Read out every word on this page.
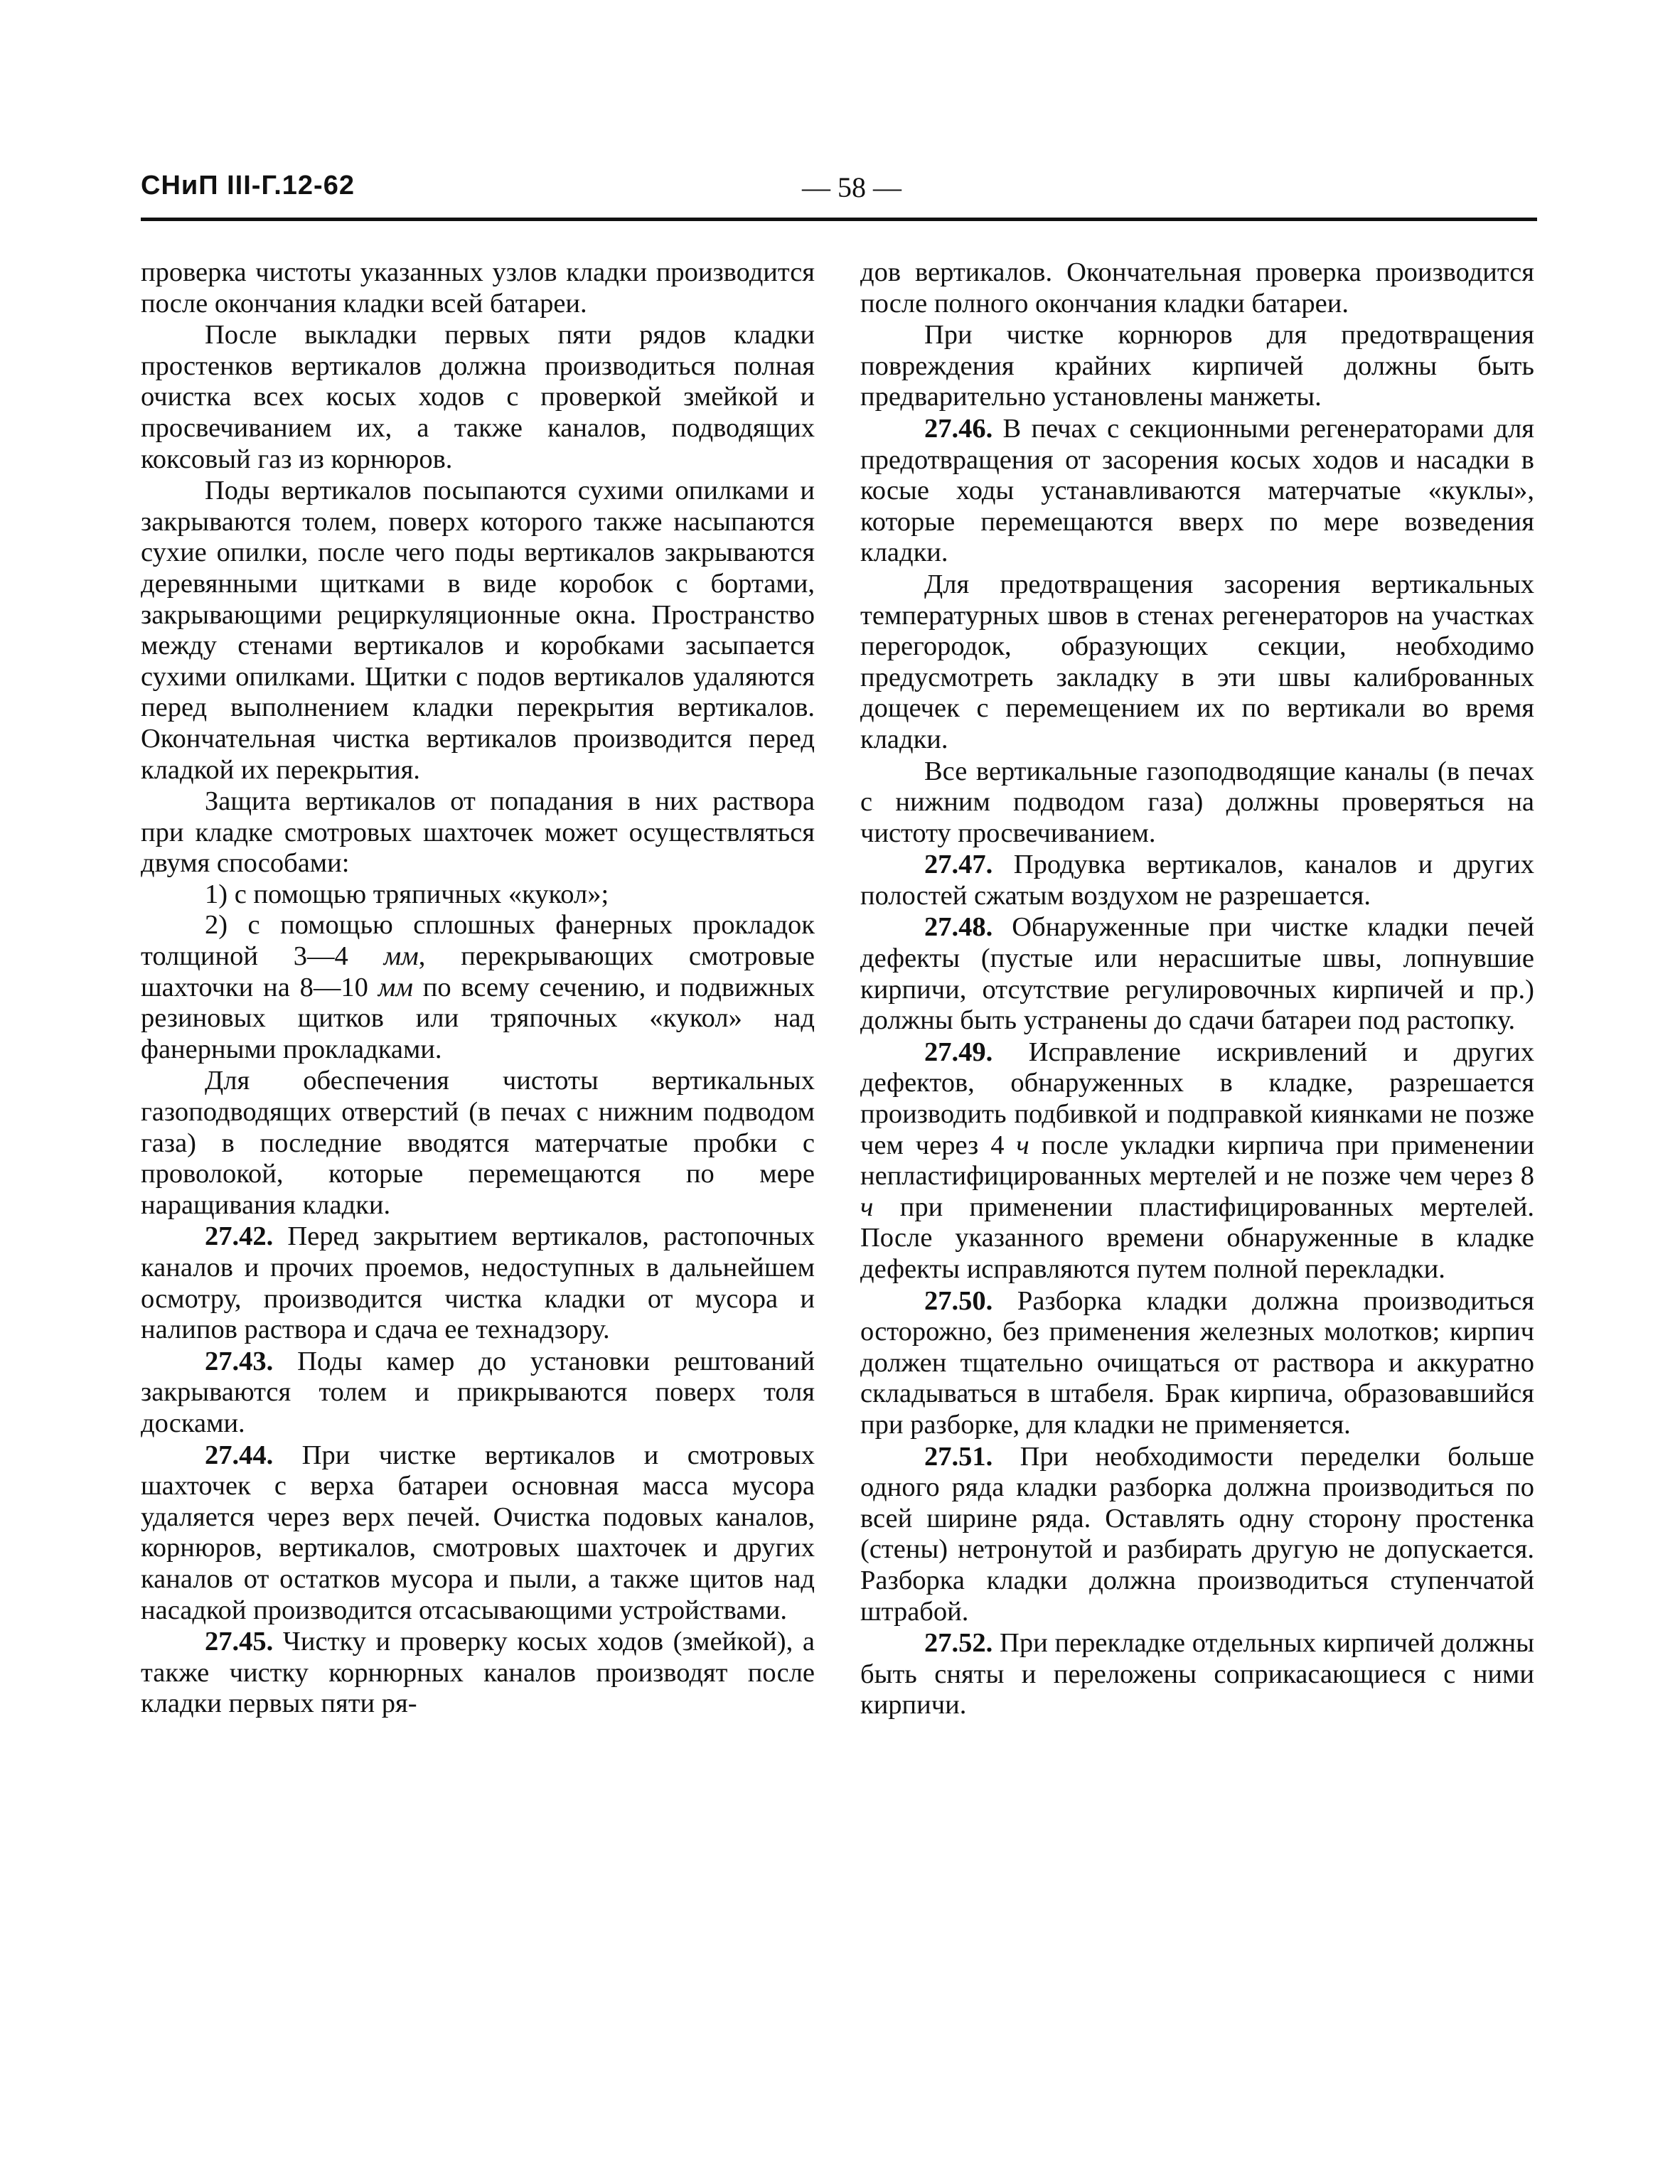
СНиП III-Г.12-62	— 58 —

проверка чистоты указанных узлов кладки производится после окончания кладки всей батареи.

После выкладки первых пяти рядов кладки простенков вертикалов должна производиться полная очистка всех косых ходов с проверкой змейкой и просвечиванием их, а также каналов, подводящих коксовый газ из корнюров.

Поды вертикалов посыпаются сухими опилками и закрываются толем, поверх которого также насыпаются сухие опилки, после чего поды вертикалов закрываются деревянными щитками в виде коробок с бортами, закрывающими рециркуляционные окна. Пространство между стенами вертикалов и коробками засыпается сухими опилками. Щитки с подов вертикалов удаляются перед выполнением кладки перекрытия вертикалов. Окончательная чистка вертикалов производится перед кладкой их перекрытия.

Защита вертикалов от попадания в них раствора при кладке смотровых шахточек может осуществляться двумя способами:

1) с помощью тряпичных «кукол»;

2) с помощью сплошных фанерных прокладок толщиной 3—4 мм, перекрывающих смотровые шахточки на 8—10 мм по всему сечению, и подвижных резиновых щитков или тряпочных «кукол» над фанерными прокладками.

Для обеспечения чистоты вертикальных газоподводящих отверстий (в печах с нижним подводом газа) в последние вводятся матерчатые пробки с проволокой, которые перемещаются по мере наращивания кладки.

27.42. Перед закрытием вертикалов, растопочных каналов и прочих проемов, недоступных в дальнейшем осмотру, производится чистка кладки от мусора и налипов раствора и сдача ее технадзору.

27.43. Поды камер до установки рештований закрываются толем и прикрываются поверх толя досками.

27.44. При чистке вертикалов и смотровых шахточек с верха батареи основная масса мусора удаляется через верх печей. Очистка подовых каналов, корнюров, вертикалов, смотровых шахточек и других каналов от остатков мусора и пыли, а также щитов над насадкой производится отсасывающими устройствами.

27.45. Чистку и проверку косых ходов (змейкой), а также чистку корнюрных каналов производят после кладки первых пяти ря-

дов вертикалов. Окончательная проверка производится после полного окончания кладки батареи.

При чистке корнюров для предотвращения повреждения крайних кирпичей должны быть предварительно установлены манжеты.

27.46. В печах с секционными регенераторами для предотвращения от засорения косых ходов и насадки в косые ходы устанавливаются матерчатые «куклы», которые перемещаются вверх по мере возведения кладки.

Для предотвращения засорения вертикальных температурных швов в стенах регенераторов на участках перегородок, образующих секции, необходимо предусмотреть закладку в эти швы калиброванных дощечек с перемещением их по вертикали во время кладки.

Все вертикальные газоподводящие каналы (в печах с нижним подводом газа) должны проверяться на чистоту просвечиванием.

27.47. Продувка вертикалов, каналов и других полостей сжатым воздухом не разрешается.

27.48. Обнаруженные при чистке кладки печей дефекты (пустые или нерасшитые швы, лопнувшие кирпичи, отсутствие регулировочных кирпичей и пр.) должны быть устранены до сдачи батареи под растопку.

27.49. Исправление искривлений и других дефектов, обнаруженных в кладке, разрешается производить подбивкой и подправкой киянками не позже чем через 4 ч после укладки кирпича при применении непластифицированных мертелей и не позже чем через 8 ч при применении пластифицированных мертелей. После указанного времени обнаруженные в кладке дефекты исправляются путем полной перекладки.

27.50. Разборка кладки должна производиться осторожно, без применения железных молотков; кирпич должен тщательно очищаться от раствора и аккуратно складываться в штабеля. Брак кирпича, образовавшийся при разборке, для кладки не применяется.

27.51. При необходимости переделки больше одного ряда кладки разборка должна производиться по всей ширине ряда. Оставлять одну сторону простенка (стены) нетронутой и разбирать другую не допускается. Разборка кладки должна производиться ступенчатой штрабой.

27.52. При перекладке отдельных кирпичей должны быть сняты и переложены соприкасающиеся с ними кирпичи.
